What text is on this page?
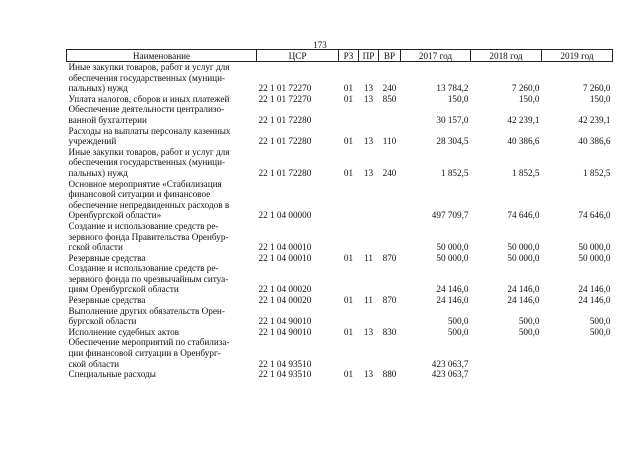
173
Наименование	ЦСР	РЗ	ПР	ВР	2017 год	2018 год	2019 год

Иные закупки товаров, работ и услуг для
обеспечения государственных (муници-
пальных) нужд	22 1 01 72270	01	13	240	13 784,2	7 260,0	7 260,0

Уплата налогов, сборов и иных платежей	22 1 01 72270	01	13	850	150,0	150,0	150,0

Обеспечение деятельности централизо-
ванной бухгалтерии	22 1 01 72280				30 157,0	42 239,1	42 239,1

Расходы на выплаты персоналу казенных
учреждений	22 1 01 72280	01	13	110	28 304,5	40 386,6	40 386,6

Иные закупки товаров, работ и услуг для
обеспечения государственных (муници-
пальных) нужд	22 1 01 72280	01	13	240	1 852,5	1 852,5	1 852,5

Основное мероприятие «Стабилизация
финансовой ситуации и финансовое
обеспечение непредвиденных расходов в
Оренбургской области»	22 1 04 00000				497 709,7	74 646,0	74 646,0

Создание и использование средств ре-
зервного фонда Правительства Оренбур-
гской области	22 1 04 00010				50 000,0	50 000,0	50 000,0

Резервные средства	22 1 04 00010	01	11	870	50 000,0	50 000,0	50 000,0

Создание и использование средств ре-
зервного фонда по чрезвычайным ситуа-
циям Оренбургской области	22 1 04 00020				24 146,0	24 146,0	24 146,0

Резервные средства	22 1 04 00020	01	11	870	24 146,0	24 146,0	24 146,0

Выполнение других обязательств Орен-
бургской области	22 1 04 90010				500,0	500,0	500,0

Исполнение судебных актов	22 1 04 90010	01	13	830	500,0	500,0	500,0

Обеспечение мероприятий по стабилиза-
ции финансовой ситуации в Оренбург-
ской области	22 1 04 93510				423 063,7		

Специальные расходы	22 1 04 93510	01	13	880	423 063,7		
